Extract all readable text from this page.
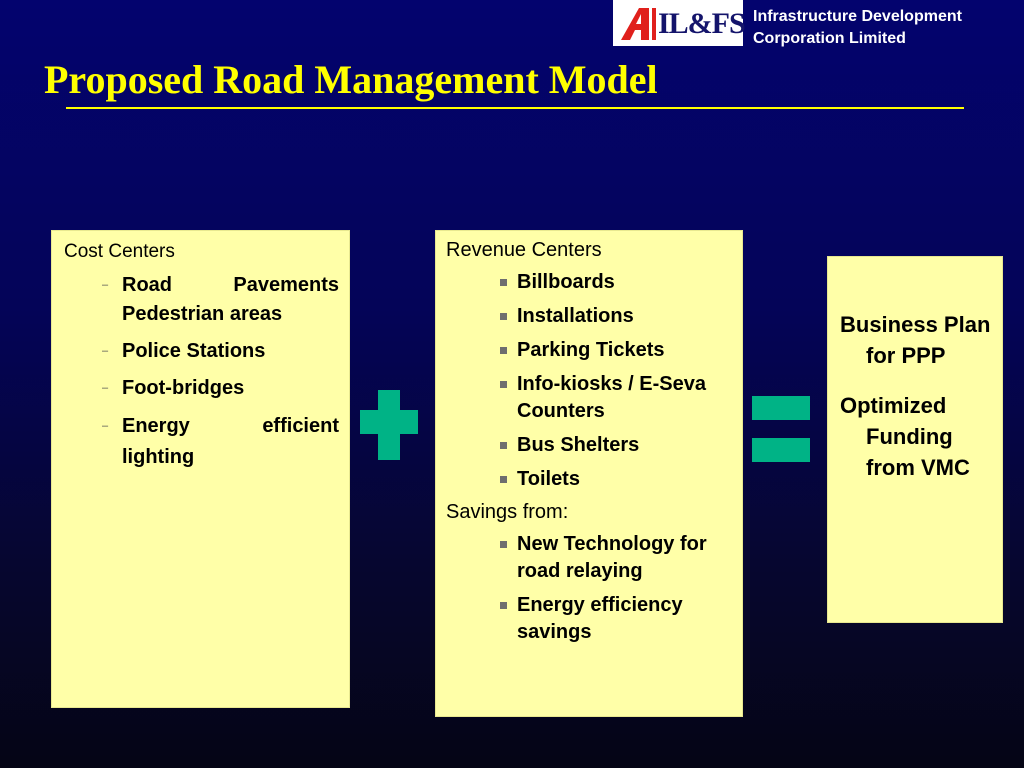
IL&FS Infrastructure Development
Corporation Limited
Proposed Road Management Model
Cost Centers
– Road Pavements Pedestrian areas
– Police Stations
– Foot-bridges
– Energy efficient lighting
Revenue Centers
Billboards
Installations
Parking Tickets
Info-kiosks / E-Seva Counters
Bus Shelters
Toilets
Savings from:
New Technology for road relaying
Energy efficiency savings
Business Plan for PPP
Optimized Funding from VMC
